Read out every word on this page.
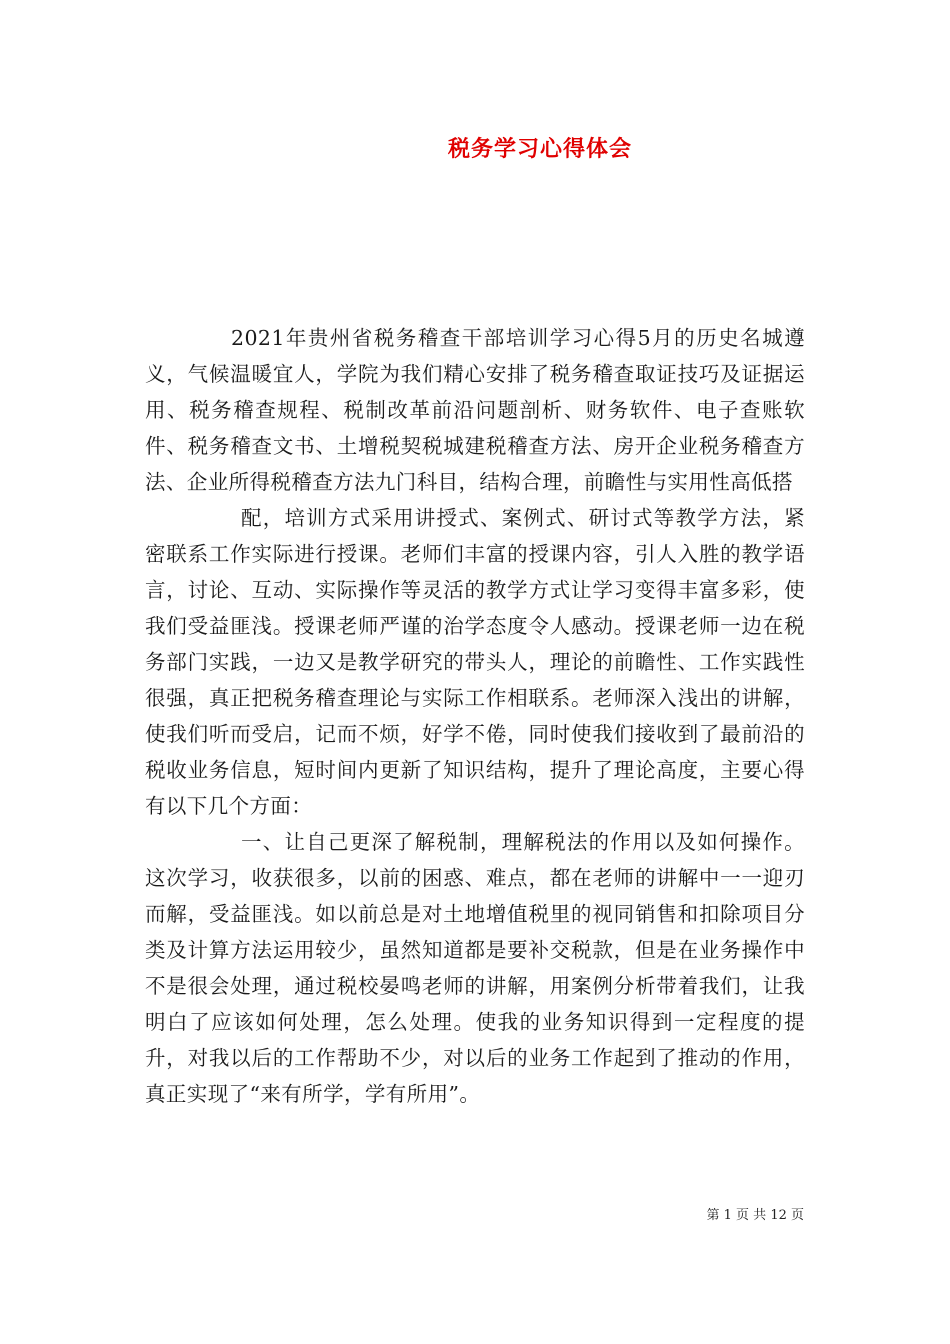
税务学习心得体会

2021年贵州省税务稽查干部培训学习心得5月的历史名城遵义，气候温暖宜人，学院为我们精心安排了税务稽查取证技巧及证据运用、税务稽查规程、税制改革前沿问题剖析、财务软件、电子查账软件、税务稽查文书、土增税契税城建税稽查方法、房开企业税务稽查方法、企业所得税稽查方法九门科目，结构合理，前瞻性与实用性高低搭

配，培训方式采用讲授式、案例式、研讨式等教学方法，紧密联系工作实际进行授课。老师们丰富的授课内容，引人入胜的教学语言，讨论、互动、实际操作等灵活的教学方式让学习变得丰富多彩，使我们受益匪浅。授课老师严谨的治学态度令人感动。授课老师一边在税务部门实践，一边又是教学研究的带头人，理论的前瞻性、工作实践性很强，真正把税务稽查理论与实际工作相联系。老师深入浅出的讲解，使我们听而受启，记而不烦，好学不倦，同时使我们接收到了最前沿的税收业务信息，短时间内更新了知识结构，提升了理论高度，主要心得有以下几个方面：

一、让自己更深了解税制，理解税法的作用以及如何操作。这次学习，收获很多，以前的困惑、难点，都在老师的讲解中一一迎刃而解，受益匪浅。如以前总是对土地增值税里的视同销售和扣除项目分类及计算方法运用较少，虽然知道都是要补交税款，但是在业务操作中不是很会处理，通过税校晏鸣老师的讲解，用案例分析带着我们，让我明白了应该如何处理，怎么处理。使我的业务知识得到一定程度的提升，对我以后的工作帮助不少，对以后的业务工作起到了推动的作用，真正实现了“来有所学，学有所用”。

第 1 页 共 12 页
